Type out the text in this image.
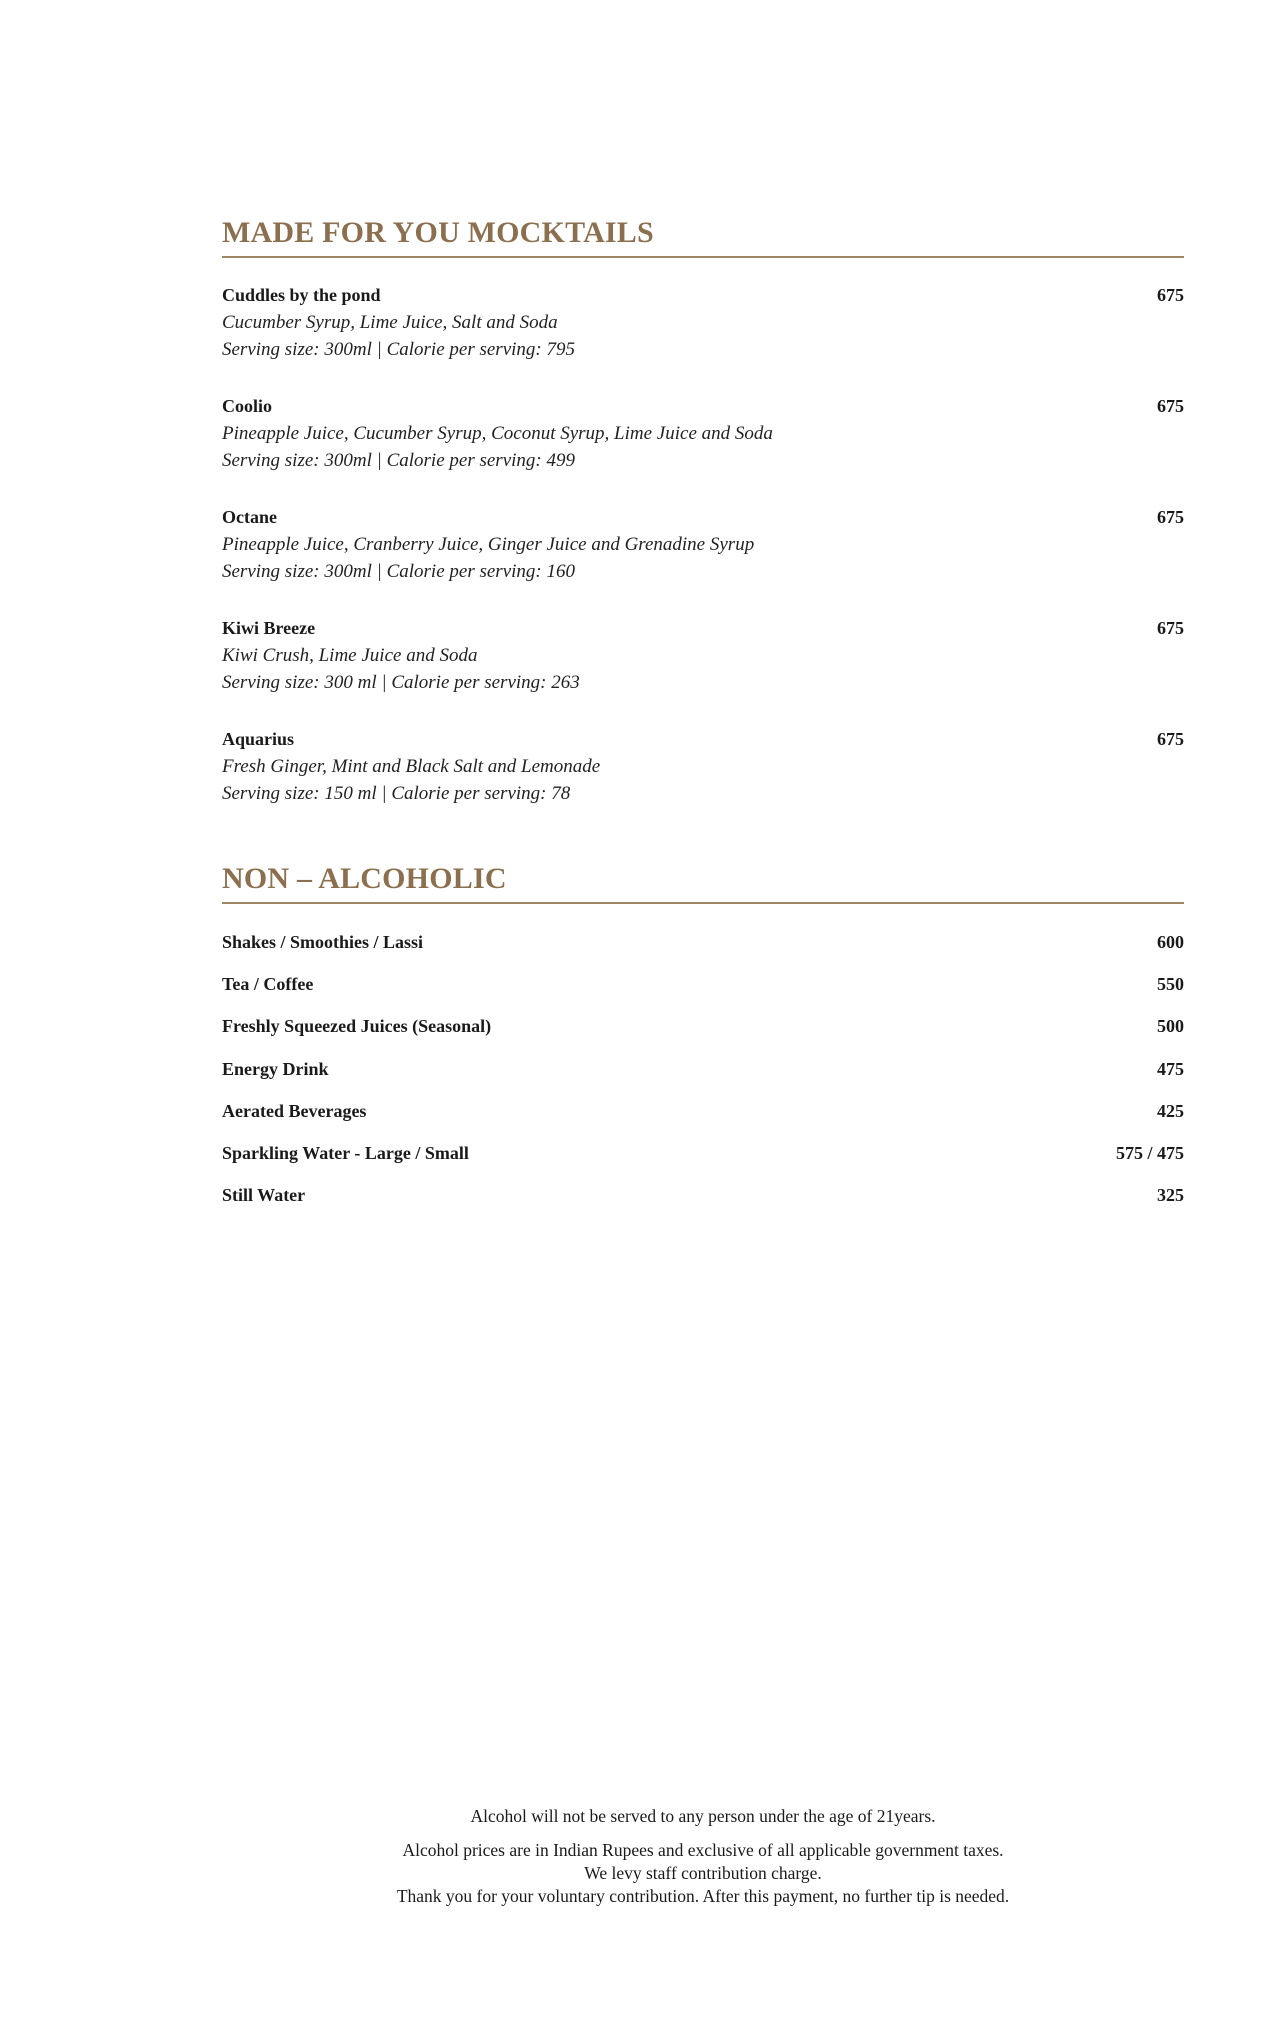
MADE FOR YOU MOCKTAILS
Cuddles by the pond	675
Cucumber Syrup, Lime Juice, Salt and Soda
Serving size: 300ml | Calorie per serving: 795
Coolio	675
Pineapple Juice, Cucumber Syrup, Coconut Syrup, Lime Juice and Soda
Serving size: 300ml | Calorie per serving: 499
Octane	675
Pineapple Juice, Cranberry Juice, Ginger Juice and Grenadine Syrup
Serving size: 300ml | Calorie per serving: 160
Kiwi Breeze	675
Kiwi Crush, Lime Juice and Soda
Serving size: 300 ml | Calorie per serving: 263
Aquarius	675
Fresh Ginger, Mint and Black Salt and Lemonade
Serving size: 150 ml | Calorie per serving: 78
NON – ALCOHOLIC
Shakes / Smoothies / Lassi	600
Tea / Coffee	550
Freshly Squeezed Juices (Seasonal)	500
Energy Drink	475
Aerated Beverages	425
Sparkling Water - Large / Small	575 / 475
Still Water	325
Alcohol will not be served to any person under the age of 21years.
Alcohol prices are in Indian Rupees and exclusive of all applicable government taxes.
We levy staff contribution charge.
Thank you for your voluntary contribution. After this payment, no further tip is needed.
